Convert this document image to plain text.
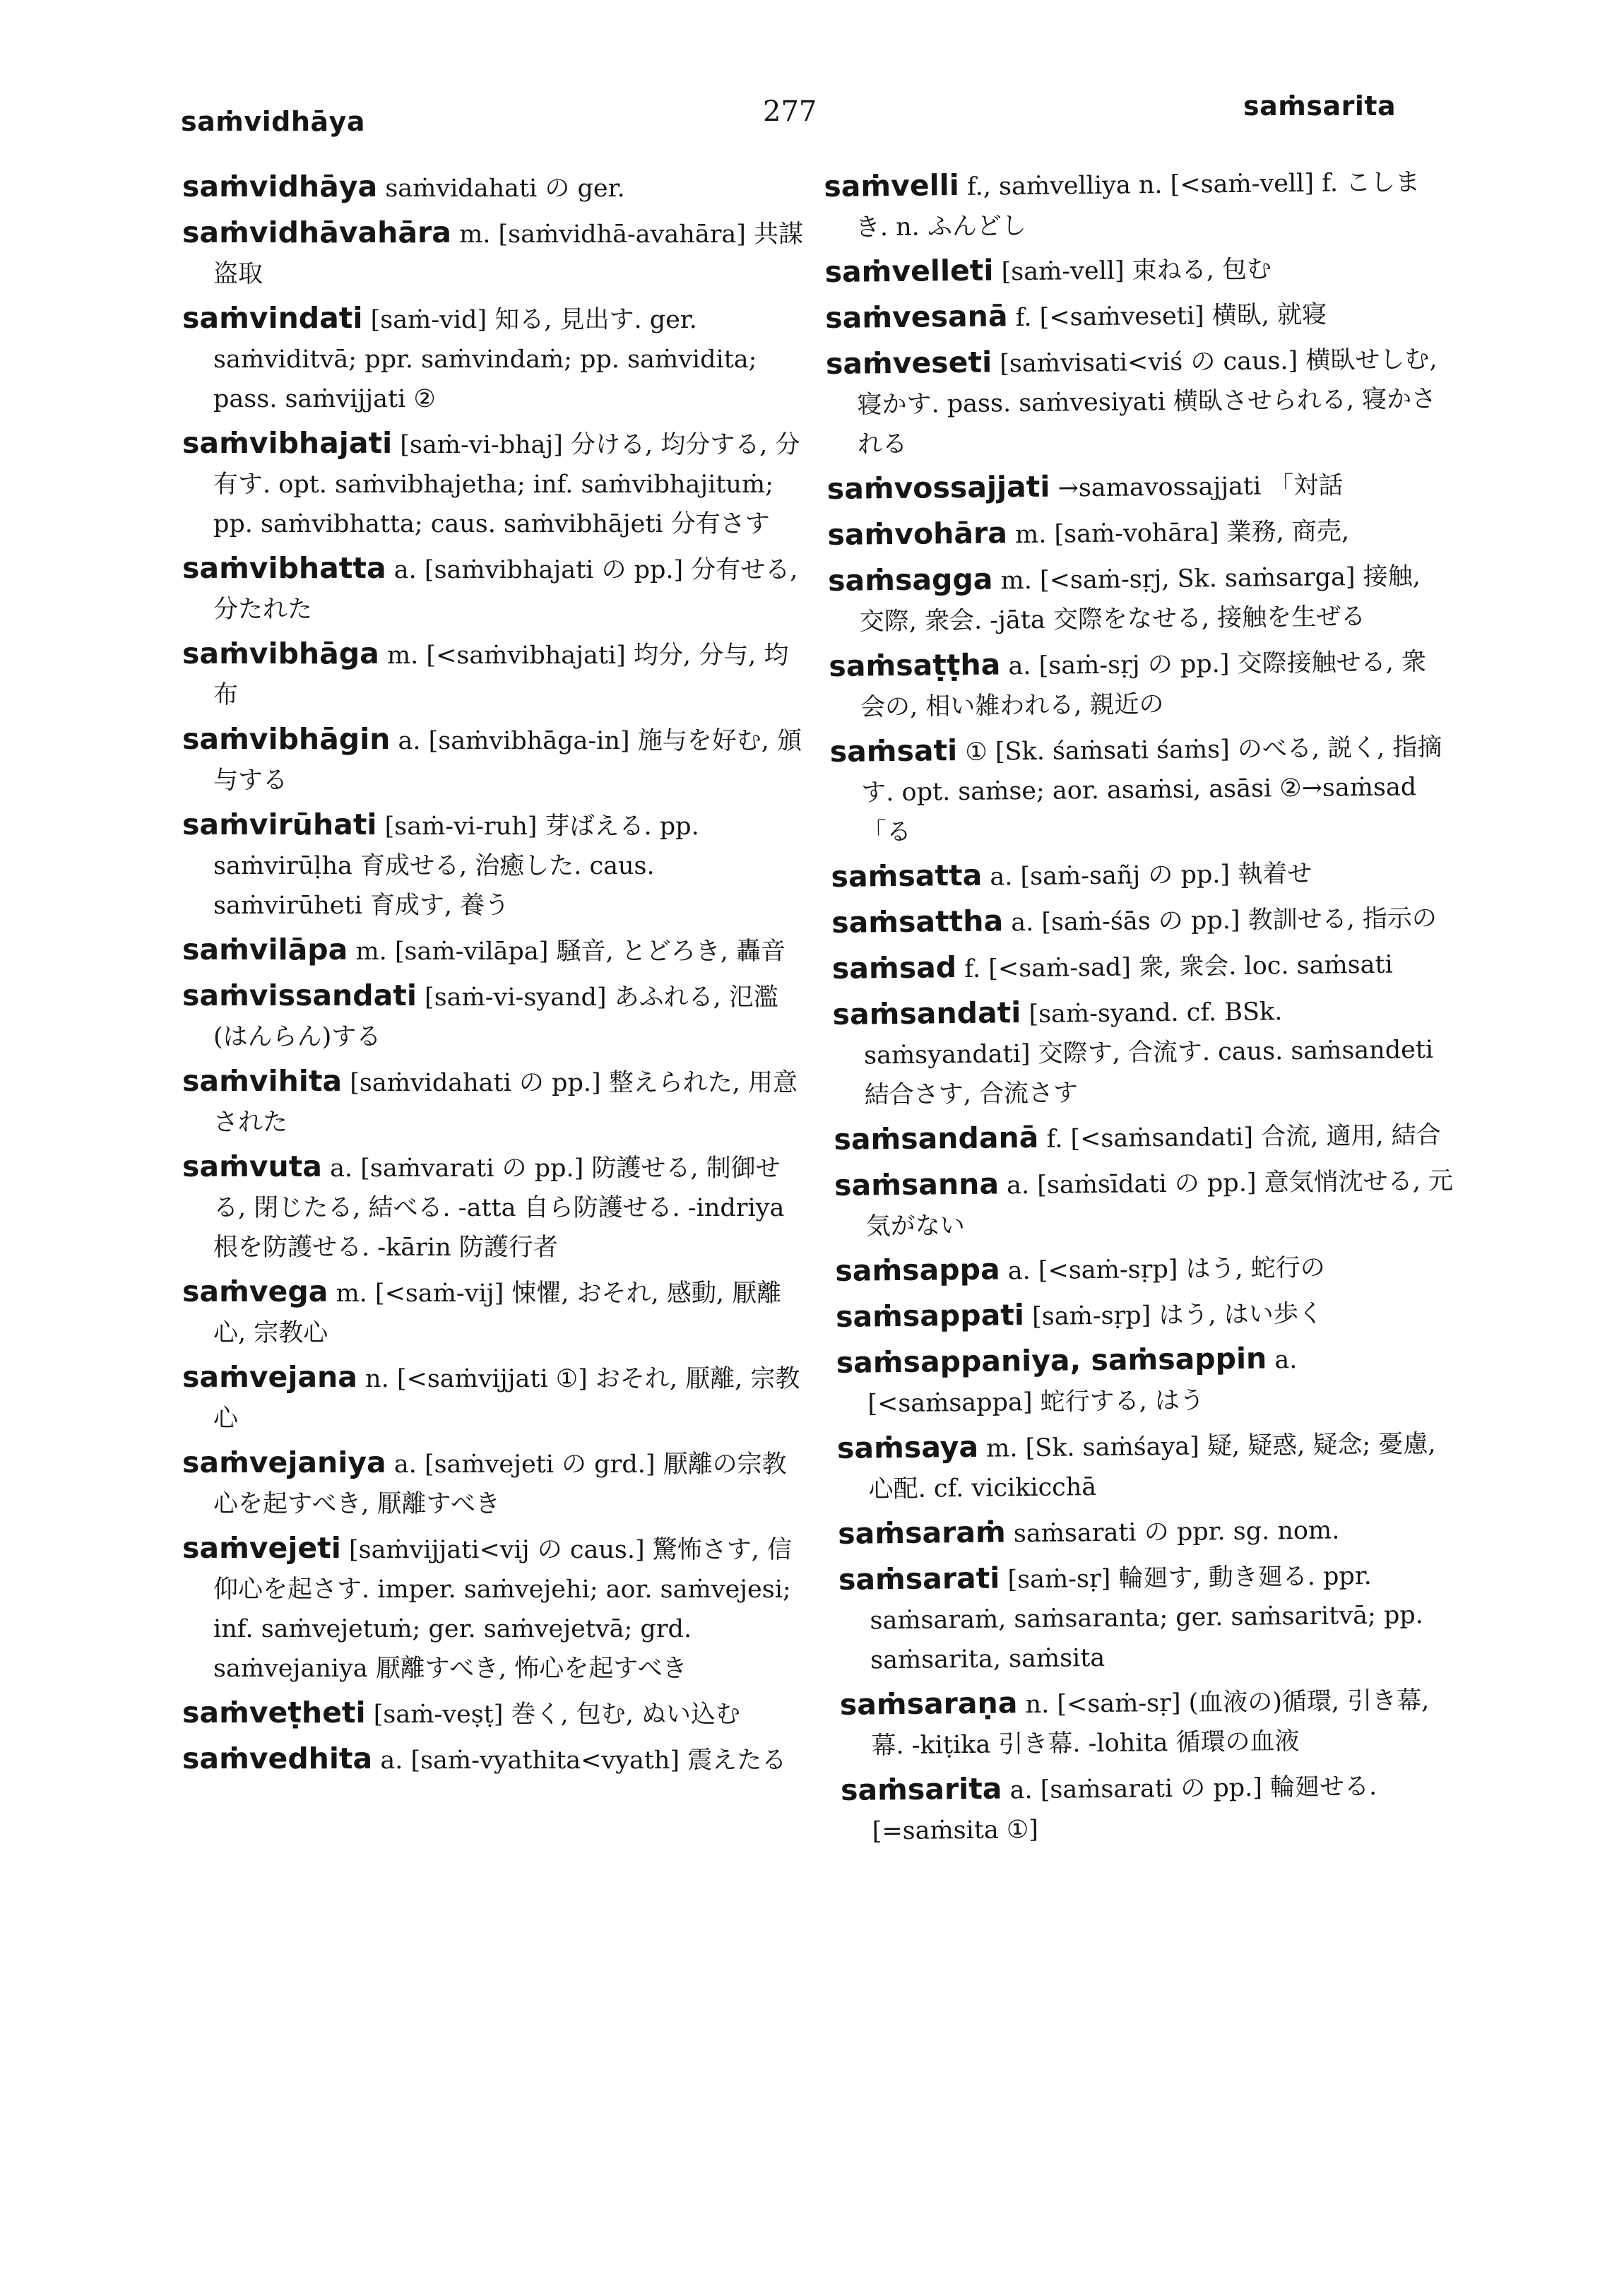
saṁvidhāya	277	saṁsarita

saṁvidhāya saṁvidahati の ger.

saṁvidhāvahāra m. [saṁvidhā-avahāra] 共謀盗取

saṁvindati [saṁ-vid] 知る, 見出す. ger. saṁviditvā; ppr. saṁvindaṁ; pp. saṁvidita; pass. saṁvijjati ②

saṁvibhajati [saṁ-vi-bhaj] 分ける, 均分する, 分有す. opt. saṁvibhajetha; inf. saṁvibhajituṁ; pp. saṁvibhatta; caus. saṁvibhājeti 分有さす

saṁvibhatta a. [saṁvibhajati の pp.] 分有せる, 分たれた

saṁvibhāga m. [<saṁvibhajati] 均分, 分与, 均布

saṁvibhāgin a. [saṁvibhāga-in] 施与を好む, 頒与する

saṁvirūhati [saṁ-vi-ruh] 芽ばえる. pp. saṁvirūḷha 育成せる, 治癒した. caus. saṁvirūheti 育成す, 養う

saṁvilāpa m. [saṁ-vilāpa] 騒音, とどろき, 轟音

saṁvissandati [saṁ-vi-syand] あふれる, 氾濫(はんらん)する

saṁvihita [saṁvidahati の pp.] 整えられた, 用意された

saṁvuta a. [saṁvarati の pp.] 防護せる, 制御せる, 閉じたる, 結べる. -atta 自ら防護せる. -indriya 根を防護せる. -kārin 防護行者

saṁvega m. [<saṁ-vij] 悚懼, おそれ, 感動, 厭離心, 宗教心

saṁvejana n. [<saṁvijjati ①] おそれ, 厭離, 宗教心

saṁvejaniya a. [saṁvejeti の grd.] 厭離の宗教心を起すべき, 厭離すべき

saṁvejeti [saṁvijjati<vij の caus.] 驚怖さす, 信仰心を起さす. imper. saṁvejehi; aor. saṁvejesi; inf. saṁvejetuṁ; ger. saṁvejetvā; grd. saṁvejaniya 厭離すべき, 怖心を起すべき

saṁveṭheti [saṁ-veṣṭ] 巻く, 包む, ぬい込む

saṁvedhita a. [saṁ-vyathita<vyath] 震えたる

saṁvelli f., saṁvelliya n. [<saṁ-vell] f. こしまき. n. ふんどし

saṁvelleti [saṁ-vell] 束ねる, 包む

saṁvesanā f. [<saṁveseti] 横臥, 就寝

saṁveseti [saṁvisati<viś の caus.] 横臥せしむ, 寝かす. pass. saṁvesiyati 横臥させられる, 寝かされる

saṁvossajjati →samavossajjati 「対話

saṁvohāra m. [saṁ-vohāra] 業務, 商売,

saṁsagga m. [<saṁ-sṛj, Sk. saṁsarga] 接触, 交際, 衆会. -jāta 交際をなせる, 接触を生ぜる

saṁsaṭṭha a. [saṁ-sṛj の pp.] 交際接触せる, 衆会の, 相い雑われる, 親近の

saṁsati ① [Sk. śaṁsati śaṁs] のべる, 説く, 指摘す. opt. saṁse; aor. asaṁsi, asāsi ②→saṁsad 「る

saṁsatta a. [saṁ-sañj の pp.] 執着せ

saṁsattha a. [saṁ-śās の pp.] 教訓せる, 指示の

saṁsad f. [<saṁ-sad] 衆, 衆会. loc. saṁsati

saṁsandati [saṁ-syand. cf. BSk. saṁsyandati] 交際す, 合流す. caus. saṁsandeti 結合さす, 合流さす

saṁsandanā f. [<saṁsandati] 合流, 適用, 結合

saṁsanna a. [saṁsīdati の pp.] 意気悄沈せる, 元気がない

saṁsappa a. [<saṁ-sṛp] はう, 蛇行の

saṁsappati [saṁ-sṛp] はう, はい歩く

saṁsappaniya, saṁsappin a. [<saṁsappa] 蛇行する, はう

saṁsaya m. [Sk. saṁśaya] 疑, 疑惑, 疑念; 憂慮, 心配. cf. vicikicchā

saṁsaraṁ saṁsarati の ppr. sg. nom.

saṁsarati [saṁ-sṛ] 輪廻す, 動き廻る. ppr. saṁsaraṁ, saṁsaranta; ger. saṁsaritvā; pp. saṁsarita, saṁsita

saṁsaraṇa n. [<saṁ-sṛ] (血液の)循環, 引き幕, 幕. -kiṭika 引き幕. -lohita 循環の血液

saṁsarita a. [saṁsarati の pp.] 輪廻せる. [=saṁsita ①]
